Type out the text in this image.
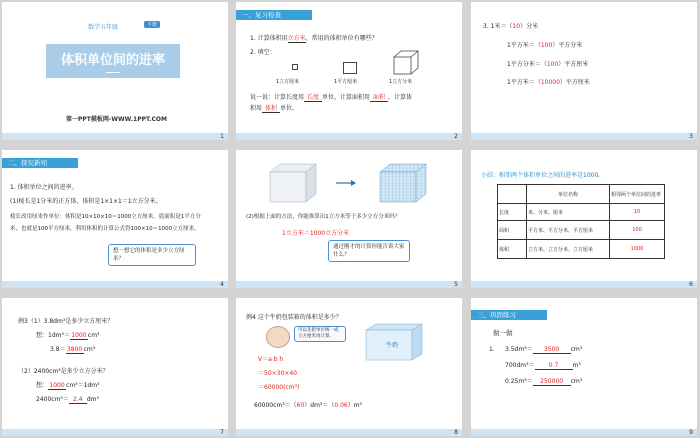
数学五年级	下册
体积单位间的进率
第一PPT模板网-WWW.1PPT.COM
1
一、复习检查
1. 计算体积用立方米，常用的体积单位有哪些？
2. 填空：
1立方厘米	1平方厘米	1立方分米
说一说：计算长度用 长度 单位，计算面积用 面积 ，计算体
积用 体积 单位。
2
3. 1米＝（10）分米
1平方米＝（100）平方分米
1平方分米＝（100）平方厘米
1平方米＝（10000）平方厘米
3
二、探究新知
1. 体积单位之间的进率。
(1)棱长是1分米的正方体，体积是1×1×1＝1立方分米。
棱长改用厘米作单位：体积是10×10×10＝1000立方厘米。底面积是1平方分
米，也就是100平方厘米，利用体积的计算公式得100×10＝1000立方厘米。
想一想它的体积是多少立方厘米？
4
(2)根据上面的方法，你能推算出1立方米等于多少立方分米吗？
1立方米＝1000立方分米
通过刚才的计算你能告诉大家什么？
5
小结：相邻两个体积单位之间的进率是1000。
	单位名称	相邻两个单位间的进率
长度	米、分米、厘米	10
面积	平方米、平方分米、平方厘米	100
体积	立方米、立方分米、立方厘米	1000
6
例3（1）3.8dm³是多少立方厘米？
想：1dm³＝1000cm³
3.8＝3800cm³
（2）2400cm³是多少立方分米？
想：1000cm³＝1dm³
2400cm³＝ 2.4 dm³
7
例4 这个牛奶包装箱的体积是多少？
可以先把单位统一成立方厘米再计算。
牛奶
V＝a b h
＝50×30×40
＝60000(cm³)
60000cm³＝（60）dm³＝（0.06）m³
8
三、巩固练习
做一做
1. 3.5dm³＝ 3500 cm³
700dm³＝ 0.7 m³
0.25m³＝ 250000 cm³
9
